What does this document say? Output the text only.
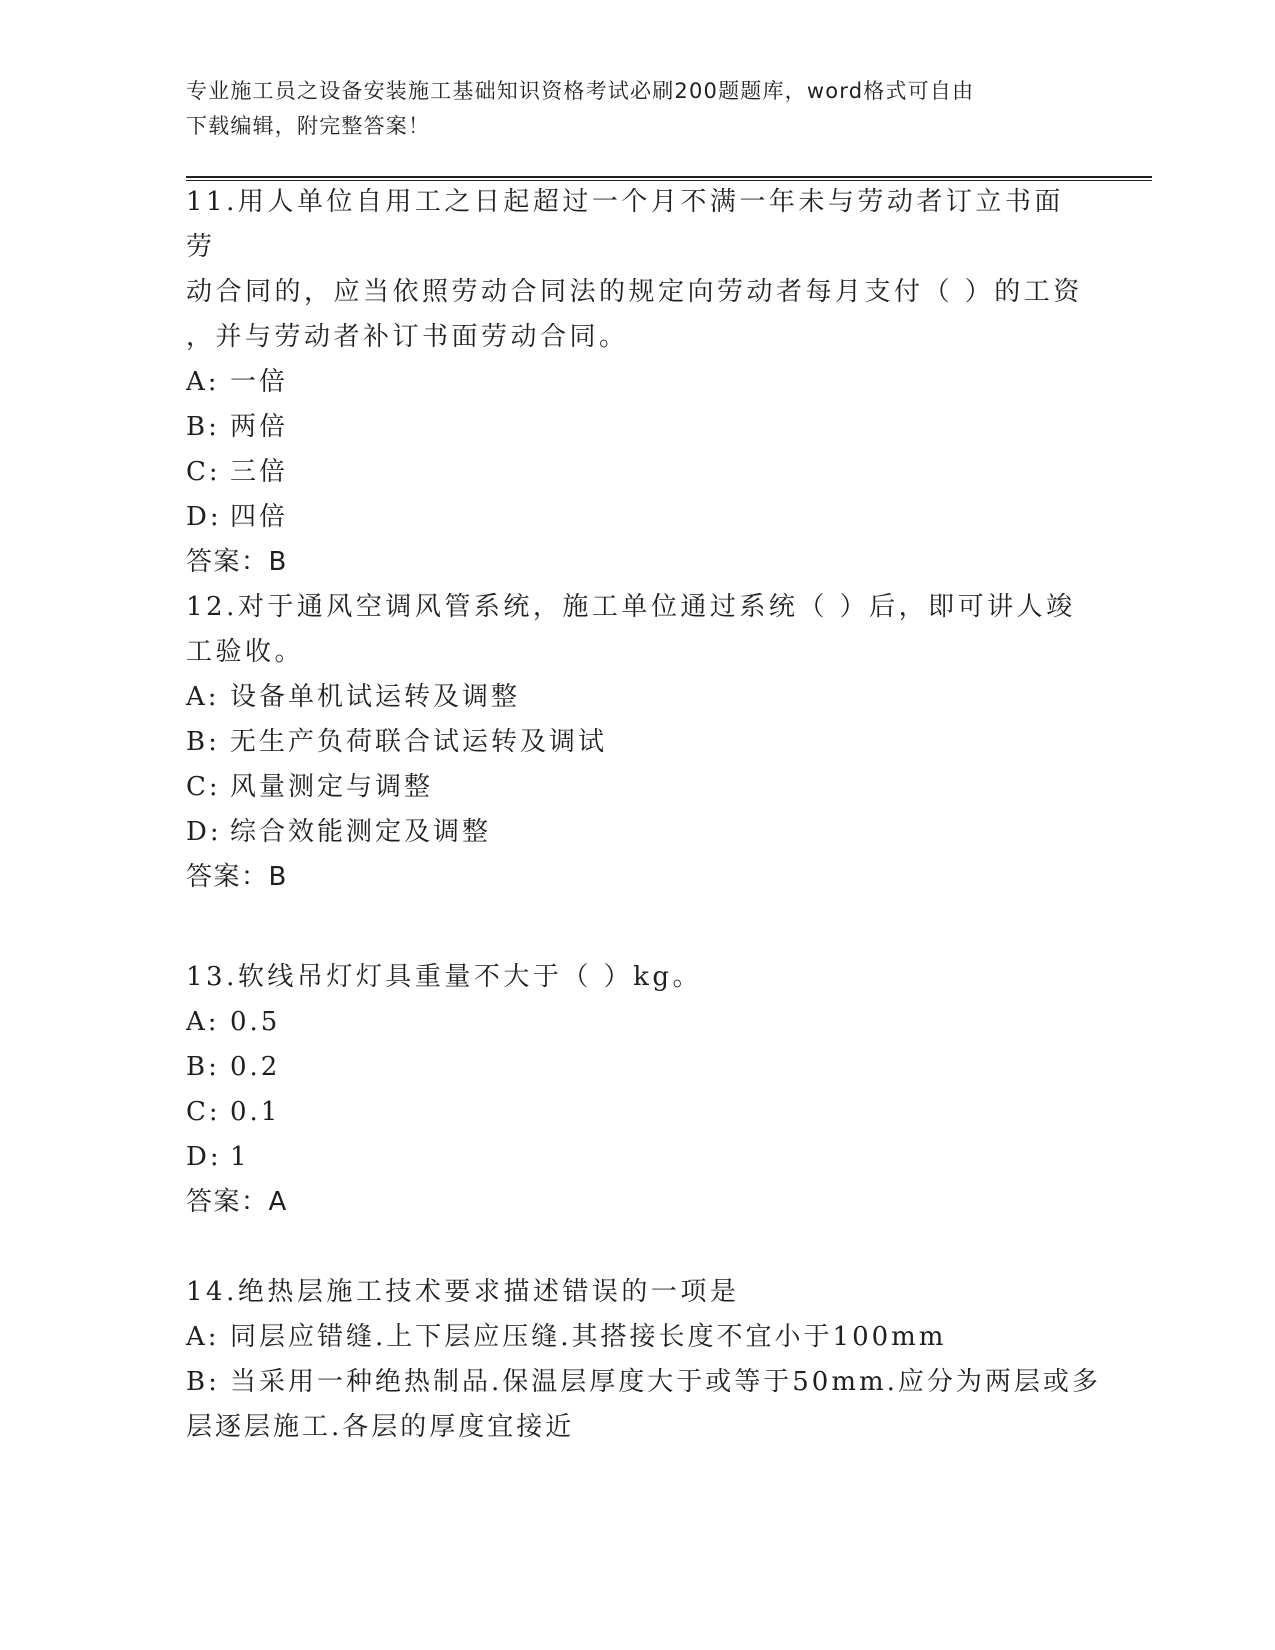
专业施工员之设备安装施工基础知识资格考试必刷200题题库，word格式可自由
下载编辑，附完整答案！

11.用人单位自用工之日起超过一个月不满一年未与劳动者订立书面劳

动合同的，应当依照劳动合同法的规定向劳动者每月支付（ ）的工资

，并与劳动者补订书面劳动合同。

A: 一倍

B: 两倍

C: 三倍

D: 四倍

答案：B

12.对于通风空调风管系统，施工单位通过系统（ ）后，即可讲人竣

工验收。

A: 设备单机试运转及调整

B: 无生产负荷联合试运转及调试

C: 风量测定与调整

D: 综合效能测定及调整

答案：B

13.软线吊灯灯具重量不大于（ ）kg。

A: 0.5

B: 0.2

C: 0.1

D: 1

答案：A

14.绝热层施工技术要求描述错误的一项是

A: 同层应错缝.上下层应压缝.其搭接长度不宜小于100mm

B: 当采用一种绝热制品.保温层厚度大于或等于50mm.应分为两层或多

层逐层施工.各层的厚度宜接近
